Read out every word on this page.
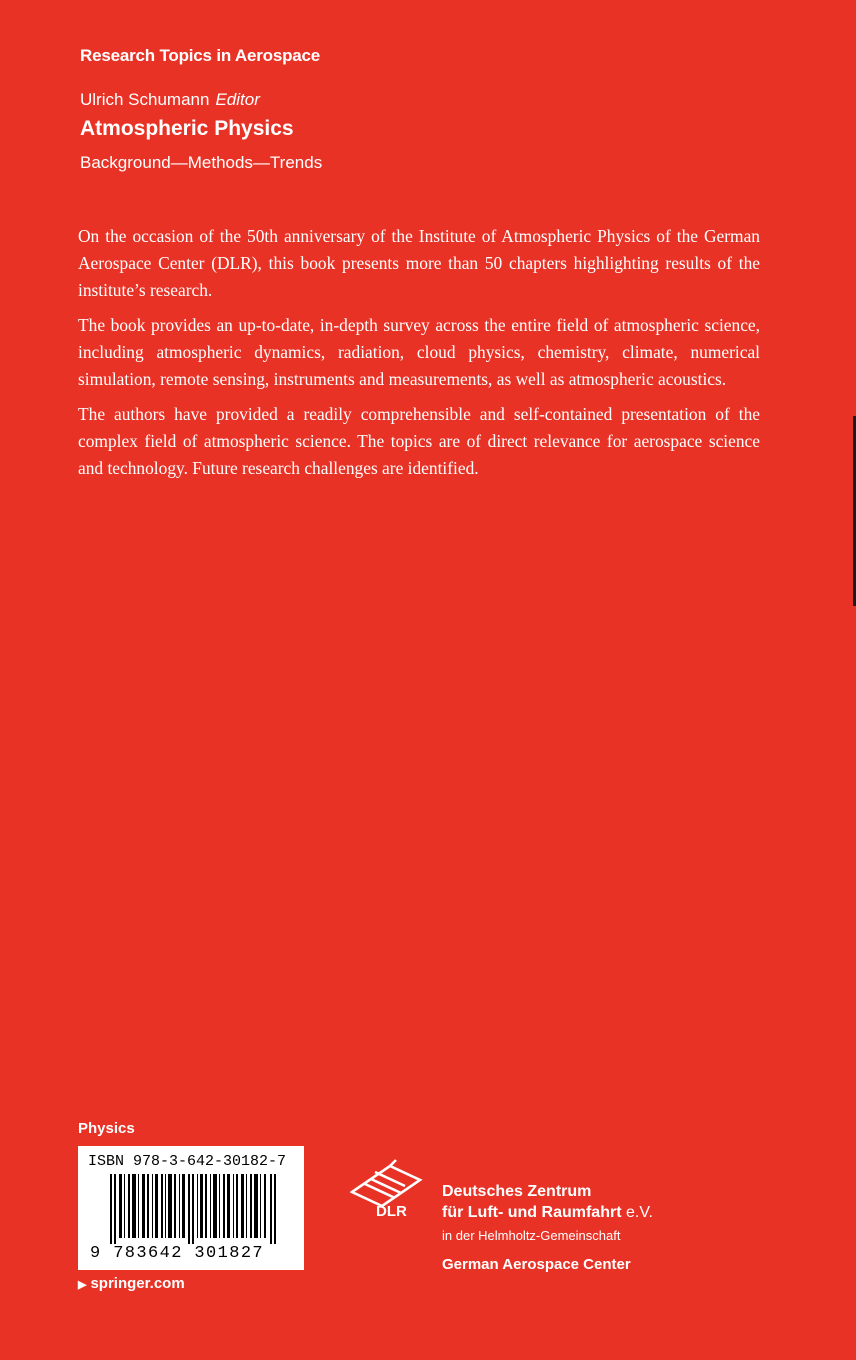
Research Topics in Aerospace
Ulrich Schumann Editor
Atmospheric Physics
Background—Methods—Trends

On the occasion of the 50th anniversary of the Institute of Atmospheric Physics of the German Aerospace Center (DLR), this book presents more than 50 chapters highlighting results of the institute’s research.

The book provides an up-to-date, in-depth survey across the entire field of atmospheric science, including atmospheric dynamics, radiation, cloud physics, chemistry, climate, numerical simulation, remote sensing, instruments and measurements, as well as atmospheric acoustics.

The authors have provided a readily comprehensible and self-contained presentation of the complex field of atmospheric science. The topics are of direct relevance for aerospace science and technology. Future research challenges are identified.

Physics
ISBN 978-3-642-30182-7
9 783642 301827
▶ springer.com
DLR
Deutsches Zentrum
für Luft- und Raumfahrt e.V.
in der Helmholtz-Gemeinschaft
German Aerospace Center
